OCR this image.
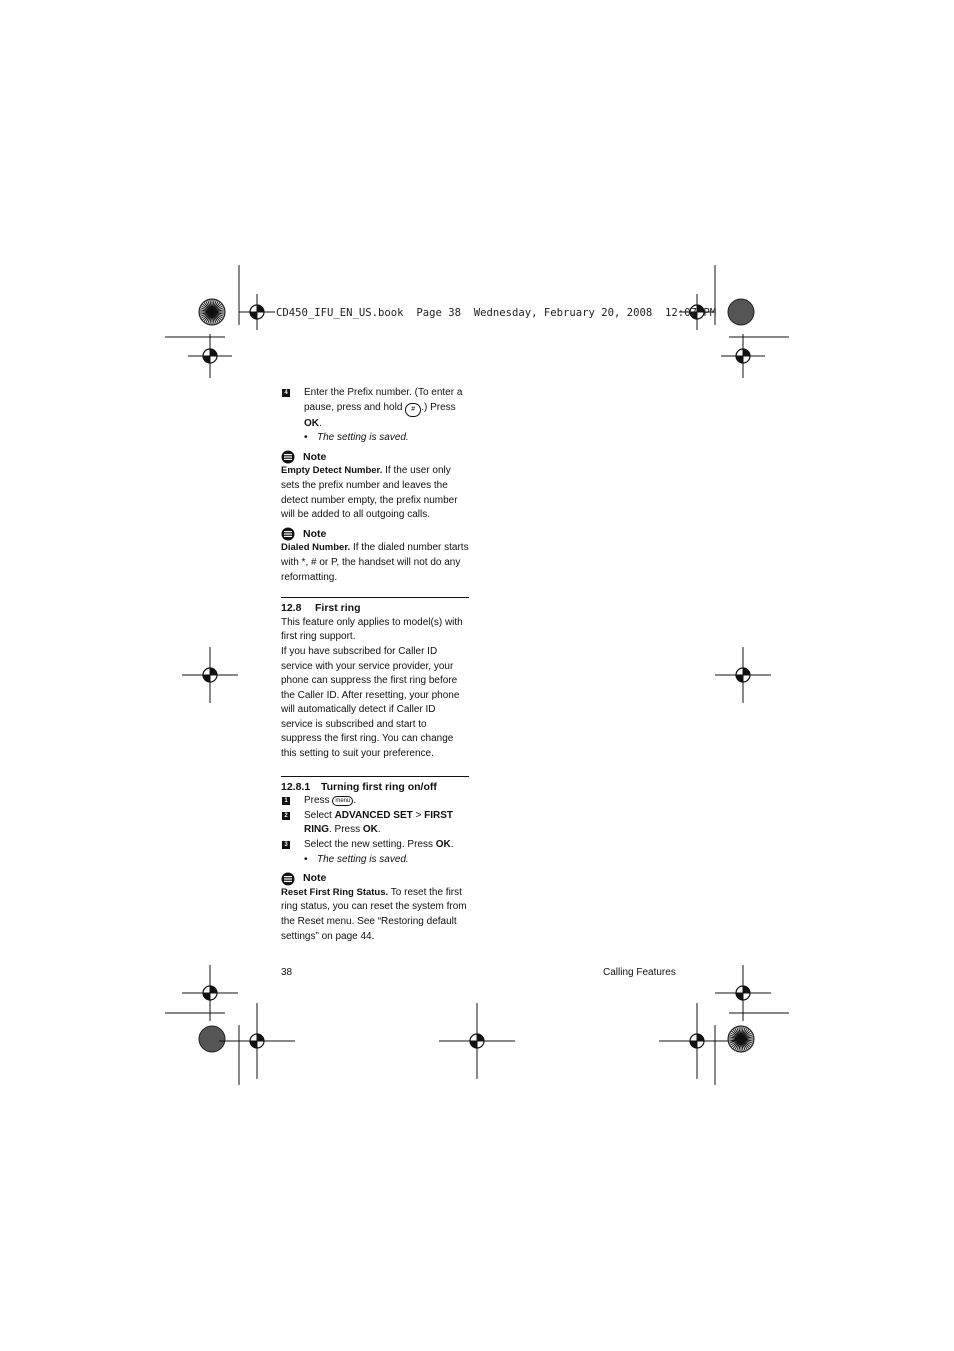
CD450_IFU_EN_US.book  Page 38  Wednesday, February 20, 2008  12:07 PM
4 Enter the Prefix number. (To enter a pause, press and hold # .) Press OK.
• The setting is saved.
Note
Empty Detect Number. If the user only sets the prefix number and leaves the detect number empty, the prefix number will be added to all outgoing calls.
Note
Dialed Number. If the dialed number starts with *, # or P, the handset will not do any reformatting.
12.8 First ring
This feature only applies to model(s) with first ring support.
If you have subscribed for Caller ID service with your service provider, your phone can suppress the first ring before the Caller ID. After resetting, your phone will automatically detect if Caller ID service is subscribed and start to suppress the first ring. You can change this setting to suit your preference.
12.8.1 Turning first ring on/off
1 Press menu .
2 Select ADVANCED SET > FIRST RING. Press OK.
3 Select the new setting. Press OK.
• The setting is saved.
Note
Reset First Ring Status. To reset the first ring status, you can reset the system from the Reset menu. See “Restoring default settings” on page 44.
38	Calling Features
